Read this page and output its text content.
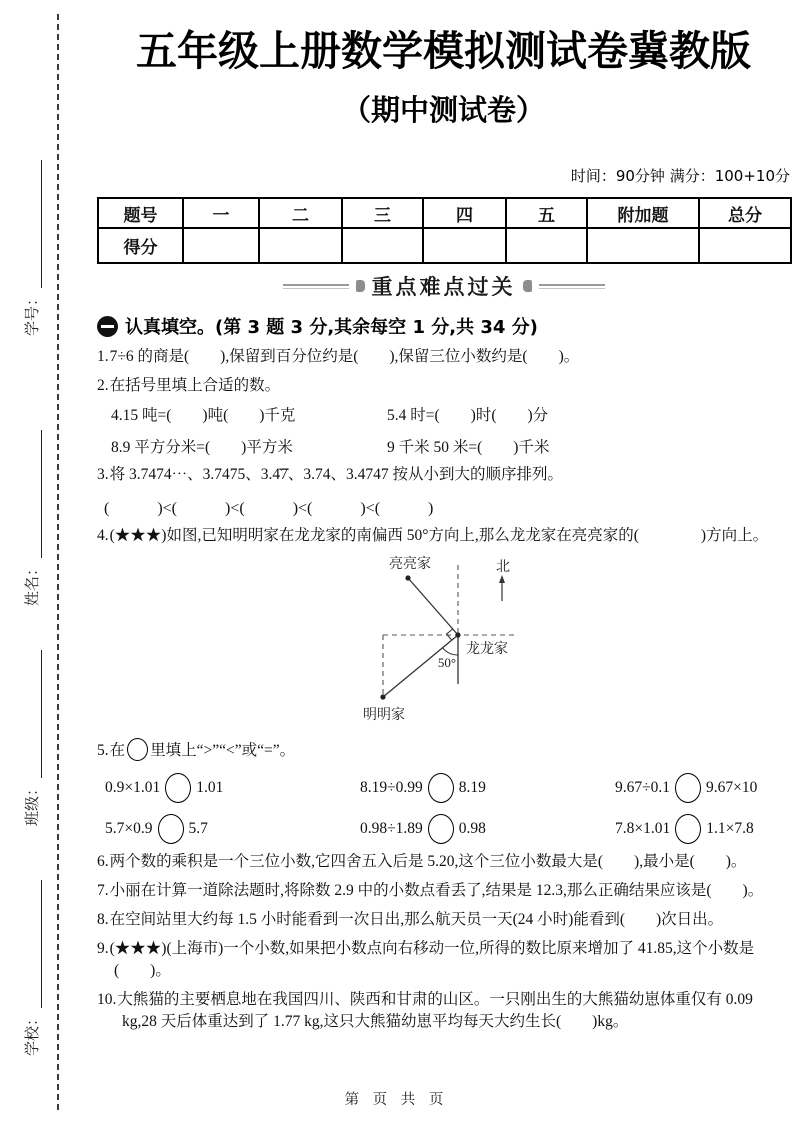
学号：
姓名：
班级：
学校：
五年级上册数学模拟测试卷冀教版
（期中测试卷）
时间：90分钟 满分：100+10分
题号	一	二	三	四	五	附加题	总分
得分							
重点难点过关
认真填空。(第 3 题 3 分,其余每空 1 分,共 34 分)

1.7÷6 的商是(　　),保留到百分位约是(　　),保留三位小数约是(　　)。

2.在括号里填上合适的数。

4.15 吨=(　　)吨(　　)千克	5.4 时=(　　)时(　　)分
8.9 平方分米=(　　)平方米	9 千米 50 米=(　　)千米

3.将 3.7474⋯、3.7475、3.4̇7̇、3.74、3.4747 按从小到大的顺序排列。

(　　　)<(　　　)<(　　　)<(　　　)<(　　　)

4.(★★★)如图,已知明明家在龙龙家的南偏西 50°方向上,那么龙龙家在亮亮家的(　　　　)方向上。

北
50°
亮亮家
龙龙家
明明家

5.在 里填上“>”“<”或“=”。

0.9×1.01 1.01	8.19÷0.99 8.19	9.67÷0.1 9.67×10
5.7×0.9 5.7	0.98÷1.89 0.98	7.8×1.01 1.1×7.8

6.两个数的乘积是一个三位小数,它四舍五入后是 5.20,这个三位小数最大是(　　),最小是(　　)。

7.小丽在计算一道除法题时,将除数 2.9 中的小数点看丢了,结果是 12.3,那么正确结果应该是(　　)。

8.在空间站里大约每 1.5 小时能看到一次日出,那么航天员一天(24 小时)能看到(　　)次日出。

9.(★★★)(上海市)一个小数,如果把小数点向右移动一位,所得的数比原来增加了 41.85,这个小数是(　　)。

10.大熊猫的主要栖息地在我国四川、陕西和甘肃的山区。一只刚出生的大熊猫幼崽体重仅有 0.09 kg,28 天后体重达到了 1.77 kg,这只大熊猫幼崽平均每天大约生长(　　)kg。

第 页 共 页
